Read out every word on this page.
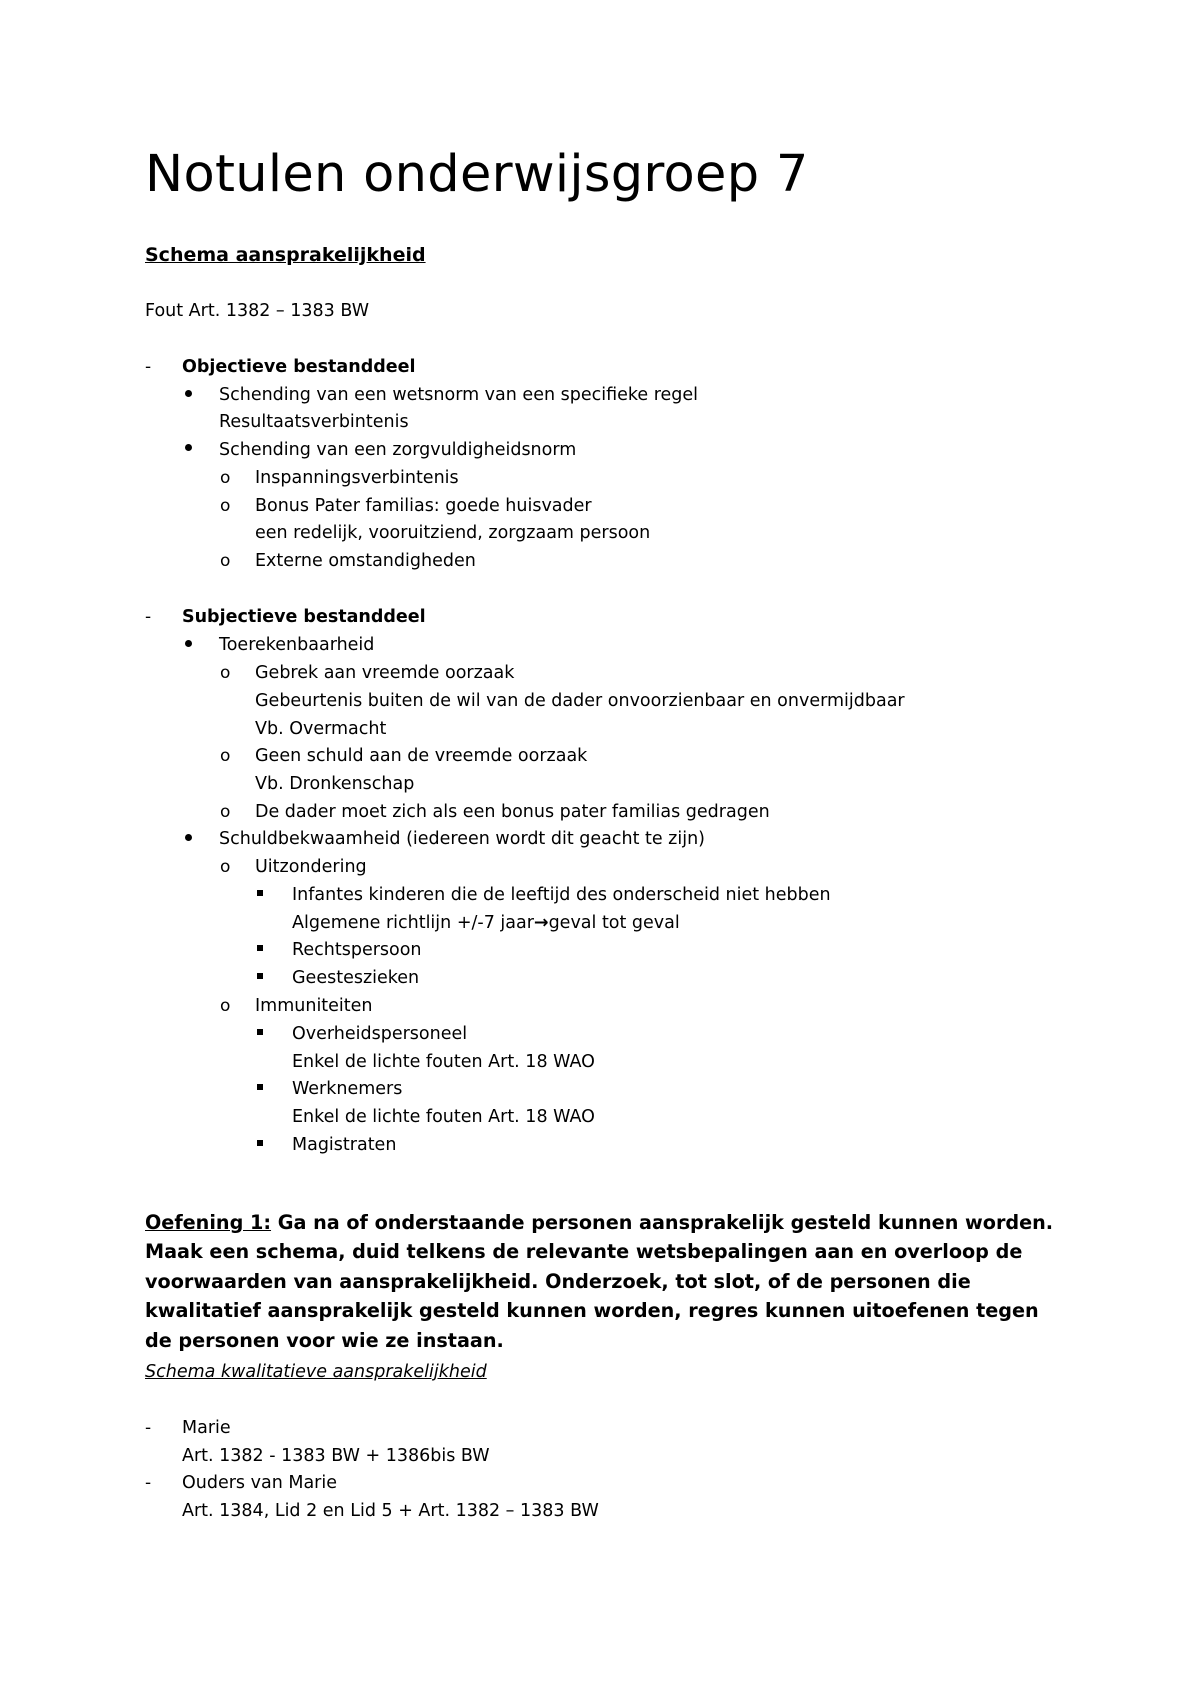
Notulen onderwijsgroep 7
Schema aansprakelijkheid
Fout Art. 1382 – 1383 BW
- Objectieve bestanddeel
Schending van een wetsnorm van een specifieke regel
Resultaatsverbintenis
Schending van een zorgvuldigheidsnorm
o Inspanningsverbintenis
o Bonus Pater familias: goede huisvader
een redelijk, vooruitziend, zorgzaam persoon
o Externe omstandigheden
- Subjectieve bestanddeel
Toerekenbaarheid
o Gebrek aan vreemde oorzaak
Gebeurtenis buiten de wil van de dader onvoorzienbaar en onvermijdbaar
Vb. Overmacht
o Geen schuld aan de vreemde oorzaak
Vb. Dronkenschap
o De dader moet zich als een bonus pater familias gedragen
Schuldbekwaamheid (iedereen wordt dit geacht te zijn)
o Uitzondering
Infantes kinderen die de leeftijd des onderscheid niet hebben
Algemene richtlijn +/-7 jaar→geval tot geval
Rechtspersoon
Geesteszieken
o Immuniteiten
Overheidspersoneel
Enkel de lichte fouten Art. 18 WAO
Werknemers
Enkel de lichte fouten Art. 18 WAO
Magistraten
Oefening 1: Ga na of onderstaande personen aansprakelijk gesteld kunnen worden. Maak een schema, duid telkens de relevante wetsbepalingen aan en overloop de voorwaarden van aansprakelijkheid. Onderzoek, tot slot, of de personen die kwalitatief aansprakelijk gesteld kunnen worden, regres kunnen uitoefenen tegen de personen voor wie ze instaan.
Schema kwalitatieve aansprakelijkheid
- Marie
Art. 1382 - 1383 BW + 1386bis BW
- Ouders van Marie
Art. 1384, Lid 2 en Lid 5 + Art. 1382 – 1383 BW
